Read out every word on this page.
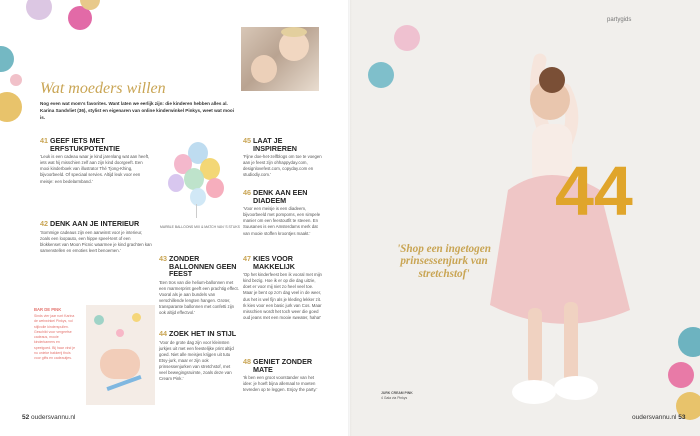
Wat moeders willen
Nog even wat mom's favorites. Want laten we eerlijk zijn: die kinderen hebben alles al. Karina Sandvliet (36), stylist en eigenaren van online kinderwinkel Pinkys, weet wat mooi is.
41 GEEF IETS MET ERFSTUKPOTENTIE
'Leuk is een cadeau waar je kind jarenlang wat aan heeft, iets wat hij misschien zelf aan zijn kind doorgeeft. Een mooi kinderboek van illustrator Thé Tjong-Khing, bijvoorbeeld. Of speciaal servies. Altijd leuk voor een meisje: een bedelarmband.'
42 DENK AAN JE INTERIEUR
'Sommige cadeaus zijn een aanwinst voor je interieur, zoals een loopauto, een hippe speel-tent of een blokkenset van Moon Picnic waarmee je kind grachten kan samenstellen en emoties leert benoemen.'
MARBLE BALLOONS MIX & MATCH VAN 'S STUKS
43 ZONDER BALLONNEN GEEN FEEST
'Een tros van die helium-ballonnen met een marmerprint geeft een prachtig effect. Vooral als je aan bundels van verschillende lengten hangen. Groter, transparante ballonnen met confetti zijn ook altijd effectvol.'
44 ZOEK HET IN STIJL
'Voor de grote dag zijn voor kleinsten jurkjes uit met een feestelijke print altijd goed. Niet alle meisjes krijgen uit tutu Etsy-jurk, maar er zijn ook prinsessenjurken van stretchstof, met veel bewegingsruimte, zoals deze van Cream Pink.'
45 LAAT JE INSPIREREN
'Fijne doe-het-zelfblogs om toe te voegen aan je feest zijn ohhappyday.com, designlovefest.com, copyday.com en studiodiy.com.'
46 DENK AAN EEN DIADEEM
'Voor een meisje is een diadeem, bijvoorbeeld met pompoms, een simpele manier om een feestoutfit te steeen. En Suusanes is een Amsterdams merk dat van mooie stoffen kroontjes maakt.'
47 KIES VOOR MAKKELIJK
'Op het kinderfeest ben ik vooral met mijn kind bezig. Hoe ik er op die dag uitzie, doet er voor mij niet zo heel veel toe. Maar je bent op zo'n dag veel in de weer, dus het is wel fijn als je kleding lekker zit. Ik kies voor een basic jurk van Cos. Maar misschien wordt het toch weer die goed oud jeans met een mooie sweater, haha!'
48 GENIET ZONDER MATE
'Ik ben een groot voorstander van het idee: je hoeft bijna allemaal te moeten tevreden op te leggen. Enjoy the party.'
BAR DE PINK
Sinds vier jaar runt Karina de webwinkel Pinkys, vol stijlvolle kinderspullen. Geschikt voor vergeefse cadeaus, mooie kinderkamers en speelgoed. Bij haar vind je nu unieke bakkerij thuis voor gifts en cadeautjes.
52 oudersvannu.nl
partygids
44
'Shop een ingetogen prinsessenjurk van stretchstof'
JURK CREAM PINK
4 Gala via Pinkys
oudersvannu.nl 53
